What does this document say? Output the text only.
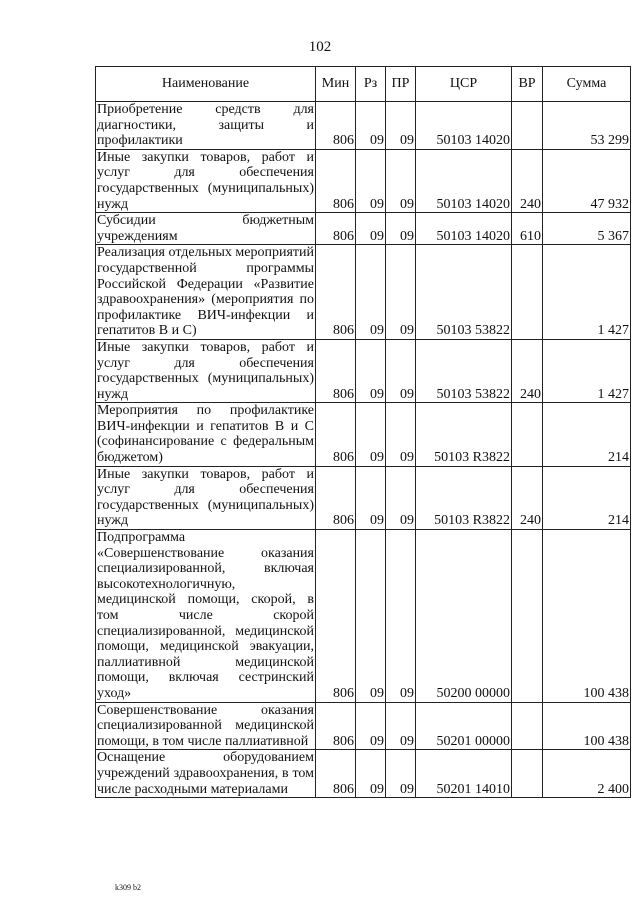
102
Наименование	Мин	Рз	ПР	ЦСР	ВР	Сумма
Приобретение средств для диагностики, защиты и профилактики	806	09	09	50103 14020		53 299
Иные закупки товаров, работ и услуг для обеспечения государственных (муниципальных) нужд	806	09	09	50103 14020	240	47 932
Субсидии бюджетным учреждениям	806	09	09	50103 14020	610	5 367
Реализация отдельных мероприятий государственной программы Российской Федерации «Развитие здравоохранения» (мероприятия по профилактике ВИЧ-инфекции и гепатитов В и С)	806	09	09	50103 53822		1 427
Иные закупки товаров, работ и услуг для обеспечения государственных (муниципальных) нужд	806	09	09	50103 53822	240	1 427
Мероприятия по профилактике ВИЧ-инфекции и гепатитов В и С (софинансирование с федеральным бюджетом)	806	09	09	50103 R3822		214
Иные закупки товаров, работ и услуг для обеспечения государственных (муниципальных) нужд	806	09	09	50103 R3822	240	214
Подпрограмма «Совершенствование оказания специализированной, включая высокотехнологичную, медицинской помощи, скорой, в том числе скорой специализированной, медицинской помощи, медицинской эвакуации, паллиативной медицинской помощи, включая сестринский уход»	806	09	09	50200 00000		100 438
Совершенствование оказания специализированной медицинской помощи, в том числе паллиативной	806	09	09	50201 00000		100 438
Оснащение оборудованием учреждений здравоохранения, в том числе расходными материалами	806	09	09	50201 14010		2 400
k309 b2
